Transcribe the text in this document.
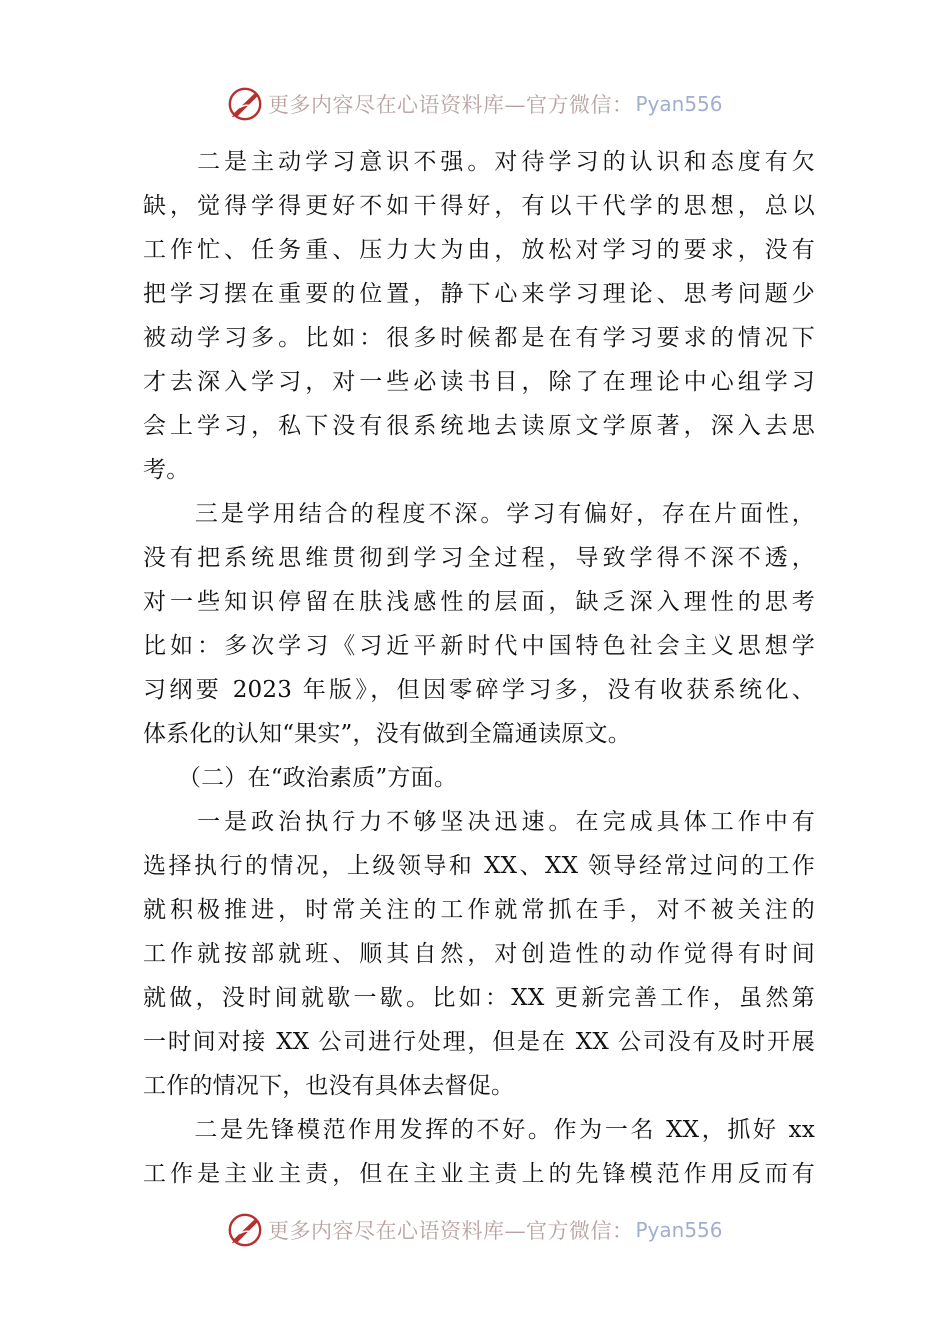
更多内容尽在心语资料库—官方微信： Pyan556
　　二是主动学习意识不强。对待学习的认识和态度有欠
缺，觉得学得更好不如干得好，有以干代学的思想，总以
工作忙、任务重、压力大为由，放松对学习的要求，没有
把学习摆在重要的位置，静下心来学习理论、思考问题少
被动学习多。比如：很多时候都是在有学习要求的情况下
才去深入学习，对一些必读书目，除了在理论中心组学习
会上学习，私下没有很系统地去读原文学原著，深入去思
考。
　　三是学用结合的程度不深。学习有偏好，存在片面性，
没有把系统思维贯彻到学习全过程，导致学得不深不透，
对一些知识停留在肤浅感性的层面，缺乏深入理性的思考
比如：多次学习《习近平新时代中国特色社会主义思想学
习纲要 2023 年版》，但因零碎学习多，没有收获系统化、
体系化的认知“果实”，没有做到全篇通读原文。
　　（二）在“政治素质”方面。
　　一是政治执行力不够坚决迅速。在完成具体工作中有
选择执行的情况，上级领导和 XX、XX 领导经常过问的工作
就积极推进，时常关注的工作就常抓在手，对不被关注的
工作就按部就班、顺其自然，对创造性的动作觉得有时间
就做，没时间就歇一歇。比如：XX 更新完善工作，虽然第
一时间对接 XX 公司进行处理，但是在 XX 公司没有及时开展
工作的情况下，也没有具体去督促。
　　二是先锋模范作用发挥的不好。作为一名 XX，抓好 xx
工作是主业主责，但在主业主责上的先锋模范作用反而有
更多内容尽在心语资料库—官方微信： Pyan556
